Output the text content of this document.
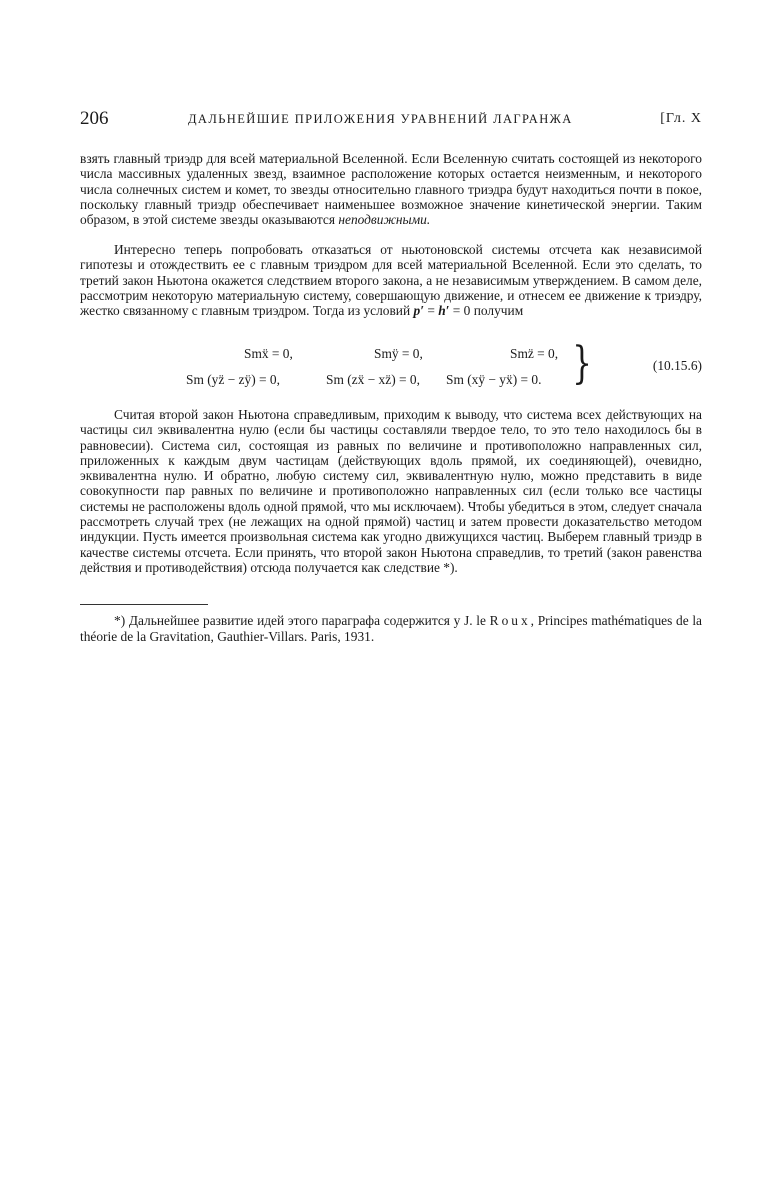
206	ДАЛЬНЕЙШИЕ ПРИЛОЖЕНИЯ УРАВНЕНИЙ ЛАГРАНЖА	[Гл. X

взять главный триэдр для всей материальной Вселенной. Если Вселенную считать состоящей из некоторого числа массивных удаленных звезд, взаимное расположение которых остается неизменным, и некоторого числа солнечных систем и комет, то звезды относительно главного триэдра будут находиться почти в покое, поскольку главный триэдр обеспечивает наименьшее возможное значение кинетической энергии. Таким образом, в этой системе звезды оказываются неподвижными.

Интересно теперь попробовать отказаться от ньютоновской системы отсчета как независимой гипотезы и отождествить ее с главным триэдром для всей материальной Вселенной. Если это сделать, то третий закон Ньютона окажется следствием второго закона, а не независимым утверждением. В самом деле, рассмотрим некоторую материальную систему, совершающую движение, и отнесем ее движение к триэдру, жестко связанному с главным триэдром. Тогда из условий p′ = h′ = 0 получим

Smẍ = 0,	Smÿ = 0,	Smz̈ = 0,
Sm (yz̈ − zÿ) = 0,	Sm (zẍ − xz̈) = 0, Sm (xÿ − yẍ) = 0. }	(10.15.6)

Считая второй закон Ньютона справедливым, приходим к выводу, что система всех действующих на частицы сил эквивалентна нулю (если бы частицы составляли твердое тело, то это тело находилось бы в равновесии). Система сил, состоящая из равных по величине и противоположно направленных сил, приложенных к каждым двум частицам (действующих вдоль прямой, их соединяющей), очевидно, эквивалентна нулю. И обратно, любую систему сил, эквивалентную нулю, можно представить в виде совокупности пар равных по величине и противоположно направленных сил (если только все частицы системы не расположены вдоль одной прямой, что мы исключаем). Чтобы убедиться в этом, следует сначала рассмотреть случай трех (не лежащих на одной прямой) частиц и затем провести доказательство методом индукции. Пусть имеется произвольная система как угодно движущихся частиц. Выберем главный триэдр в качестве системы отсчета. Если принять, что второй закон Ньютона справедлив, то третий (закон равенства действия и противодействия) отсюда получается как следствие *).

*) Дальнейшее развитие идей этого параграфа содержится у J. le Roux, Principes mathématiques de la théorie de la Gravitation, Gauthier-Villars. Paris, 1931.
